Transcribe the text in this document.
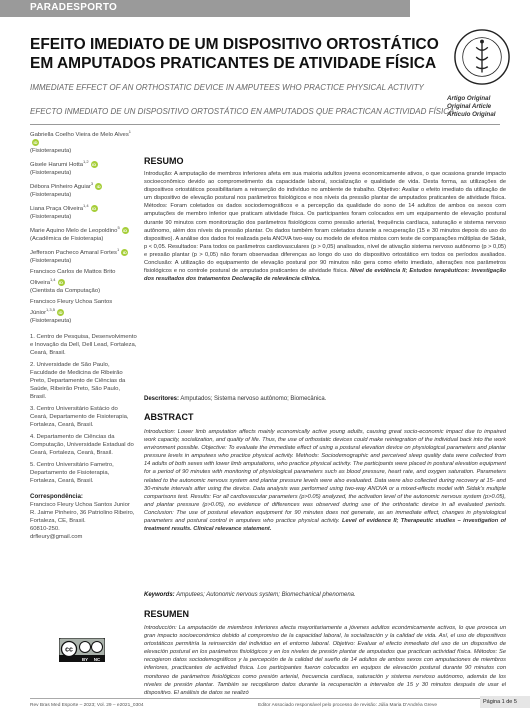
PARADESPORTO
EFEITO IMEDIATO DE UM DISPOSITIVO ORTOSTÁTICO EM AMPUTADOS PRATICANTES DE ATIVIDADE FÍSICA
IMMEDIATE EFFECT OF AN ORTHOSTATIC DEVICE IN AMPUTEES WHO PRACTICE PHYSICAL ACTIVITY
EFECTO INMEDIATO DE UN DISPOSITIVO ORTOSTÁTICO EN AMPUTADOS QUE PRACTICAN ACTIVIDAD FÍSICA
Artigo Original
Original Article
Artículo Original

Gabriella Coelho Vieira de Melo Alves$^1$iD
(Fisioterapeuta)

Gisele Harumi Hotta$^{1,2}$iD
(Fisioterapeuta)

Débora Pinheiro Aguiar$^3$iD
(Fisioterapeuta)

Liana Praça Oliveira$^{1,4}$iD
(Fisioterapeuta)

Marie Aquino Melo de Leopoldino$^5$iD
(Acadêmica de Fisioterapia)

Jefferson Pacheco Amaral Fortes$^1$iD
(Fisioterapeuta)

Francisco Carlos de Mattos Brito Oliveira$^{1,4}$iD
(Cientista da Computação)

Francisco Fleury Uchoa Santos Júnior$^{1,3,5}$iD
(Fisioterapeuta)

1. Centro de Pesquisa, Desenvolvimento e Inovação da Dell, Dell Lead, Fortaleza, Ceará, Brasil.

2. Universidade de São Paulo, Faculdade de Medicina de Ribeirão Preto, Departamento de Ciências da Saúde, Ribeirão Preto, São Paulo, Brasil.

3. Centro Universitário Estácio do Ceará, Departamento de Fisioterapia, Fortaleza, Ceará, Brasil.

4. Departamento de Ciências da Computação, Universidade Estadual do Ceará, Fortaleza, Ceará, Brasil.

5. Centro Universitário Fametro, Departamento de Fisioterapia, Fortaleza, Ceará, Brasil.

Correspondência:

Francisco Fleury Uchoa Santos Junior

R. Jaime Pinheiro, 36 Patriolino Ribeiro, Fortaleza, CE, Brasil.

60810-250.

drfleury@gmail.com

cc
BY NC
RESUMO

Introdução: A amputação de membros inferiores afeta em sua maioria adultos jovens economicamente ativos, o que ocasiona grande impacto socioeconômico devido ao comprometimento da capacidade laboral, socialização e qualidade de vida. Desta forma, as utilizações de dispositivos ortostáticos possibilitariam a reinserção do indivíduo no ambiente de trabalho. Objetivo: Avaliar o efeito imediato da utilização de um dispositivo de elevação postural nos parâmetros fisiológicos e nos níveis da pressão plantar de amputados praticantes de atividade física. Métodos: Foram coletados os dados sociodemográficos e a percepção da qualidade do sono de 14 adultos de ambos os sexos com amputações de membro inferior que praticam atividade física. Os participantes foram colocados em um equipamento de elevação postural durante 90 minutos com monitorização dos parâmetros fisiológicos como pressão arterial, frequência cardíaca, saturação e sistema nervoso autônomo, além dos níveis da pressão plantar. Os dados também foram coletados durante a recuperação (15 e 30 minutos depois do uso do dispositivo). A análise dos dados foi realizada pela ANOVA two-way ou modelo de efeitos mistos com teste de comparações múltiplas de Sidak, p < 0,05. Resultados: Para todos os parâmetros cardiovasculares (p > 0,05) analisados, nível de ativação sistema nervoso autônomo (p > 0,05) e pressão plantar (p > 0,05) não foram observadas diferenças ao longo do uso do dispositivo ortostático em todos os períodos avaliados. Conclusão: A utilização do equipamento de elevação postural por 90 minutos não gera como efeito imediato, alterações nos parâmetros fisiológicos e no controle postural de amputados praticantes de atividade física. Nível de evidência II; Estudos terapêuticos: investigação dos resultados dos tratamentos Declaração de relevância clínica.

Descritores: Amputados; Sistema nervoso autônomo; Biomecânica.
ABSTRACT

Introduction: Lower limb amputation affects mainly economically active young adults, causing great socio-economic impact due to impaired work capacity, socialization, and quality of life. Thus, the use of orthostatic devices could make reintegration of the individual back into the work environment possible. Objective: To evaluate the immediate effect of using a postural elevation device on physiological parameters and plantar pressure levels in amputees who practice physical activity. Methods: Sociodemographic and perceived sleep quality data were collected from 14 adults of both sexes with lower limb amputations, who practice physical activity. The participants were placed in postural elevation equipment for a period of 90 minutes with monitoring of physiological parameters such as blood pressure, heart rate, and oxygen saturation. Parameters related to the autonomic nervous system and plantar pressure levels were also evaluated. Data were also collected during recovery at 15- and 30-minute intervals after using the device. Data analysis was performed using two-way ANOVA or a mixed-effects model with Sidak's multiple comparisons test. Results: For all cardiovascular parameters (p>0.05) analyzed, the activation level of the autonomic nervous system (p>0.05), and plantar pressure (p>0.05), no evidence of differences was observed during use of the orthostatic device in all evaluated periods. Conclusion: The use of postural elevation equipment for 90 minutes does not generate, as an immediate effect, changes in physiological parameters and postural control in amputees who practice physical activity. Level of evidence II; Therapeutic studies – investigation of treatment results. Clinical relevance statement.

Keywords: Amputees; Autonomic nervous system; Biomechanical phenomena.
RESUMEN

Introducción: La amputación de miembros inferiores afecta mayoritariamente a jóvenes adultos económicamente activos, lo que provoca un gran impacto socioeconómico debido al compromiso de la capacidad laboral, la socialización y la calidad de vida. Así, el uso de dispositivos ortostáticos permitiría la reinserción del individuo en el entorno laboral. Objetivo: Evaluar el efecto inmediato del uso de un dispositivo de elevación postural en los parámetros fisiológicos y en los niveles de presión plantar de amputados que practican actividad física. Métodos: Se recogieron datos sociodemográficos y la percepción de la calidad del sueño de 14 adultos de ambos sexos con amputaciones de miembros inferiores, practicantes de actividad física. Los participantes fueron colocados en equipos de elevación postural durante 90 minutos con monitoreo de parámetros fisiológicos como presión arterial, frecuencia cardíaca, saturación y sistema nervioso autónomo, además de los niveles de presión plantar. También se recopilaron datos durante la recuperación a intervalos de 15 y 30 minutos después de usar el dispositivo. El análisis de datos se realizó

Rev Bras Med Esporte – 2023; Vol. 29 – e2021_0304	Editor Associado responsável pelo processo de revisão: Júlia Maria D'Andréa Greve
Página 1 de 5
